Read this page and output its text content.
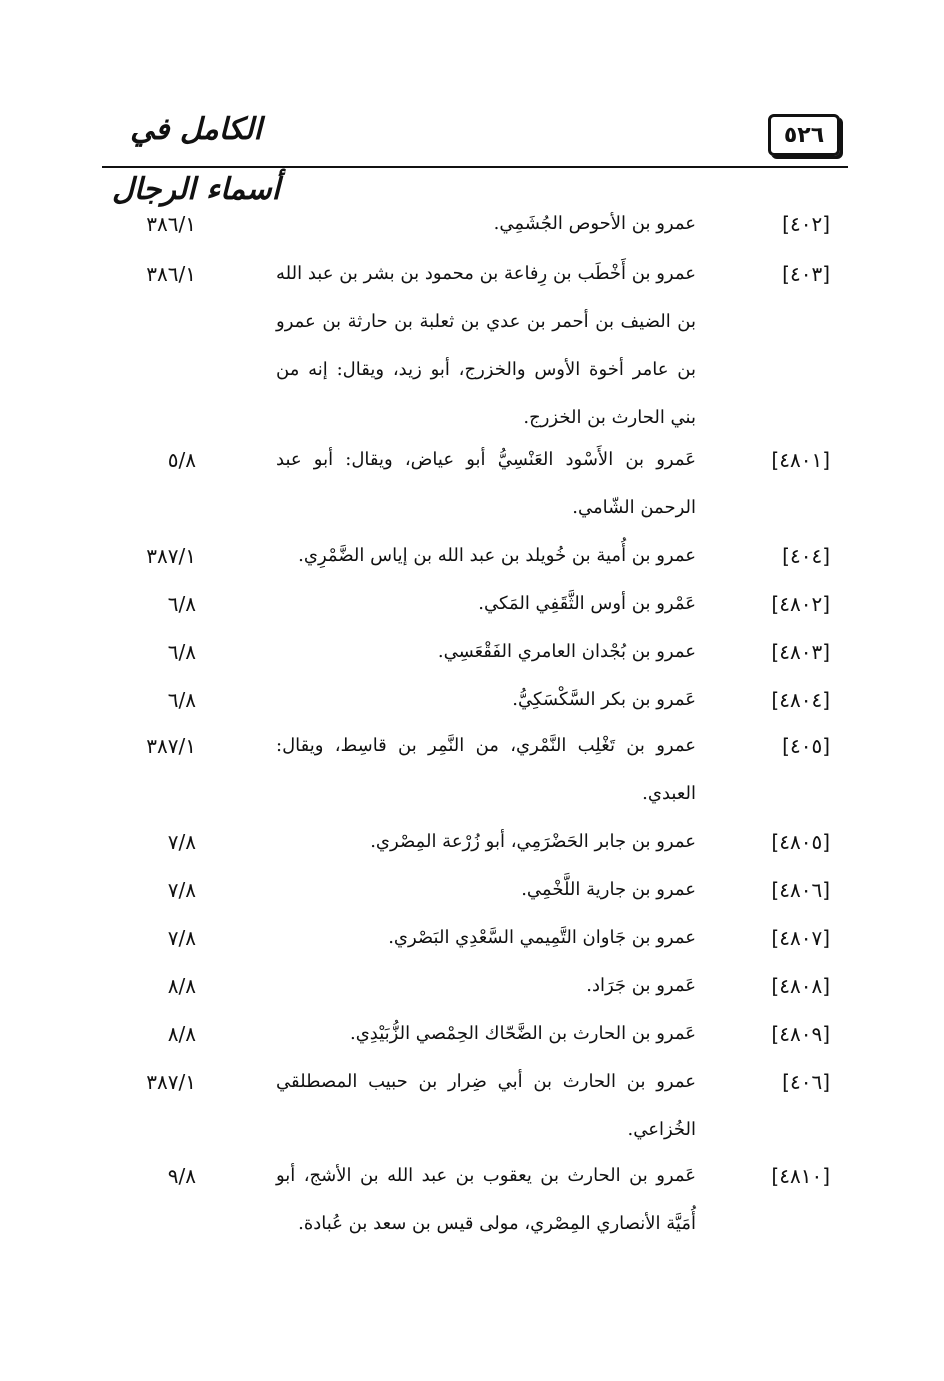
الكامل في أسماء الرجال
٥٢٦
[٤٠٢]
عمرو بن الأحوص الجُشَمِي.
٣٨٦/١
[٤٠٣]
عمرو بن أَخْطَب بن رِفاعة بن محمود بن بشر بن عبد الله بن الضيف بن أحمر بن عدي بن ثعلبة بن حارثة بن عمرو بن عامر أخوة الأوس والخزرج، أبو زيد، ويقال: إنه من بني الحارث بن الخزرج.
٣٨٦/١
[٤٨٠١]
عَمرو بن الأَسْود العَنْسِيُّ أبو عياض، ويقال: أبو عبد الرحمن الشّامي.
٥/٨
[٤٠٤]
عمرو بن أُمية بن خُويلد بن عبد الله بن إياس الضَّمْرِي.
٣٨٧/١
[٤٨٠٢]
عَمْرو بن أوس الثَّقَفِي المَكي.
٦/٨
[٤٨٠٣]
عمرو بن بُجْدان العامري الفَقْعَسِي.
٦/٨
[٤٨٠٤]
عَمرو بن بكر السَّكْسَكِيُّ.
٦/٨
[٤٠٥]
عمرو بن تَغْلِب النَّمْري، من النَّمِر بن قاسِط، ويقال: العبدي.
٣٨٧/١
[٤٨٠٥]
عمرو بن جابر الحَضْرَمِي، أبو زُرْعة المِصْري.
٧/٨
[٤٨٠٦]
عمرو بن جارية اللَّخْمِي.
٧/٨
[٤٨٠٧]
عمرو بن جَاوان التَّمِيمي السَّعْدِي البَصْري.
٧/٨
[٤٨٠٨]
عَمرو بن جَرَاد.
٨/٨
[٤٨٠٩]
عَمرو بن الحارث بن الضَّحّاك الحِمْصي الزُّبَيْدِي.
٨/٨
[٤٠٦]
عمرو بن الحارث بن أبي ضِرار بن حبيب المصطلقي الخُزاعي.
٣٨٧/١
[٤٨١٠]
عَمرو بن الحارث بن يعقوب بن عبد الله بن الأشج، أبو أُمَيَّة الأنصاري المِصْري، مولى قيس بن سعد بن عُبادة.
٩/٨
